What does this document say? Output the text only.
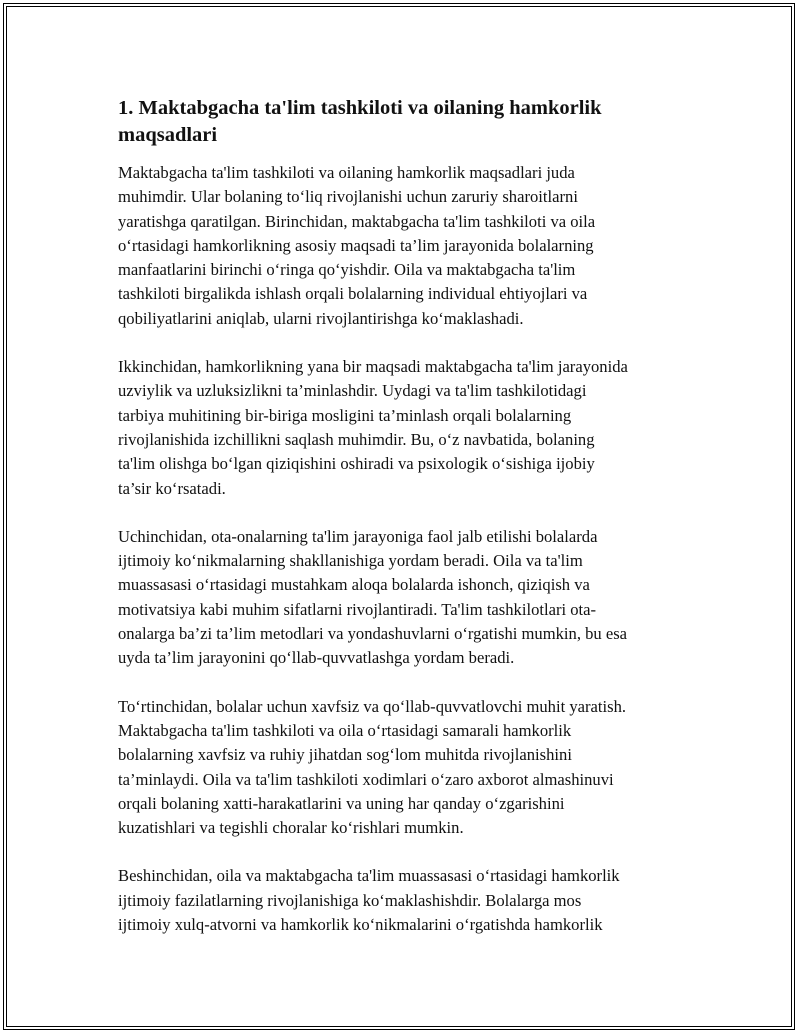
1. Maktabgacha ta'lim tashkiloti va oilaning hamkorlik
maqsadlari

Maktabgacha ta'lim tashkiloti va oilaning hamkorlik maqsadlari juda
muhimdir. Ular bolaning to‘liq rivojlanishi uchun zaruriy sharoitlarni
yaratishga qaratilgan. Birinchidan, maktabgacha ta'lim tashkiloti va oila
o‘rtasidagi hamkorlikning asosiy maqsadi ta’lim jarayonida bolalarning
manfaatlarini birinchi o‘ringa qo‘yishdir. Oila va maktabgacha ta'lim
tashkiloti birgalikda ishlash orqali bolalarning individual ehtiyojlari va
qobiliyatlarini aniqlab, ularni rivojlantirishga ko‘maklashadi.

Ikkinchidan, hamkorlikning yana bir maqsadi maktabgacha ta'lim jarayonida
uzviylik va uzluksizlikni ta’minlashdir. Uydagi va ta'lim tashkilotidagi
tarbiya muhitining bir-biriga mosligini ta’minlash orqali bolalarning
rivojlanishida izchillikni saqlash muhimdir. Bu, o‘z navbatida, bolaning
ta'lim olishga bo‘lgan qiziqishini oshiradi va psixologik o‘sishiga ijobiy
ta’sir ko‘rsatadi.

Uchinchidan, ota-onalarning ta'lim jarayoniga faol jalb etilishi bolalarda
ijtimoiy ko‘nikmalarning shakllanishiga yordam beradi. Oila va ta'lim
muassasasi o‘rtasidagi mustahkam aloqa bolalarda ishonch, qiziqish va
motivatsiya kabi muhim sifatlarni rivojlantiradi. Ta'lim tashkilotlari ota-
onalarga ba’zi ta’lim metodlari va yondashuvlarni o‘rgatishi mumkin, bu esa
uyda ta’lim jarayonini qo‘llab-quvvatlashga yordam beradi.

To‘rtinchidan, bolalar uchun xavfsiz va qo‘llab-quvvatlovchi muhit yaratish.
Maktabgacha ta'lim tashkiloti va oila o‘rtasidagi samarali hamkorlik
bolalarning xavfsiz va ruhiy jihatdan sog‘lom muhitda rivojlanishini
ta’minlaydi. Oila va ta'lim tashkiloti xodimlari o‘zaro axborot almashinuvi
orqali bolaning xatti-harakatlarini va uning har qanday o‘zgarishini
kuzatishlari va tegishli choralar ko‘rishlari mumkin.

Beshinchidan, oila va maktabgacha ta'lim muassasasi o‘rtasidagi hamkorlik
ijtimoiy fazilatlarning rivojlanishiga ko‘maklashishdir. Bolalarga mos
ijtimoiy xulq-atvorni va hamkorlik ko‘nikmalarini o‘rgatishda hamkorlik
